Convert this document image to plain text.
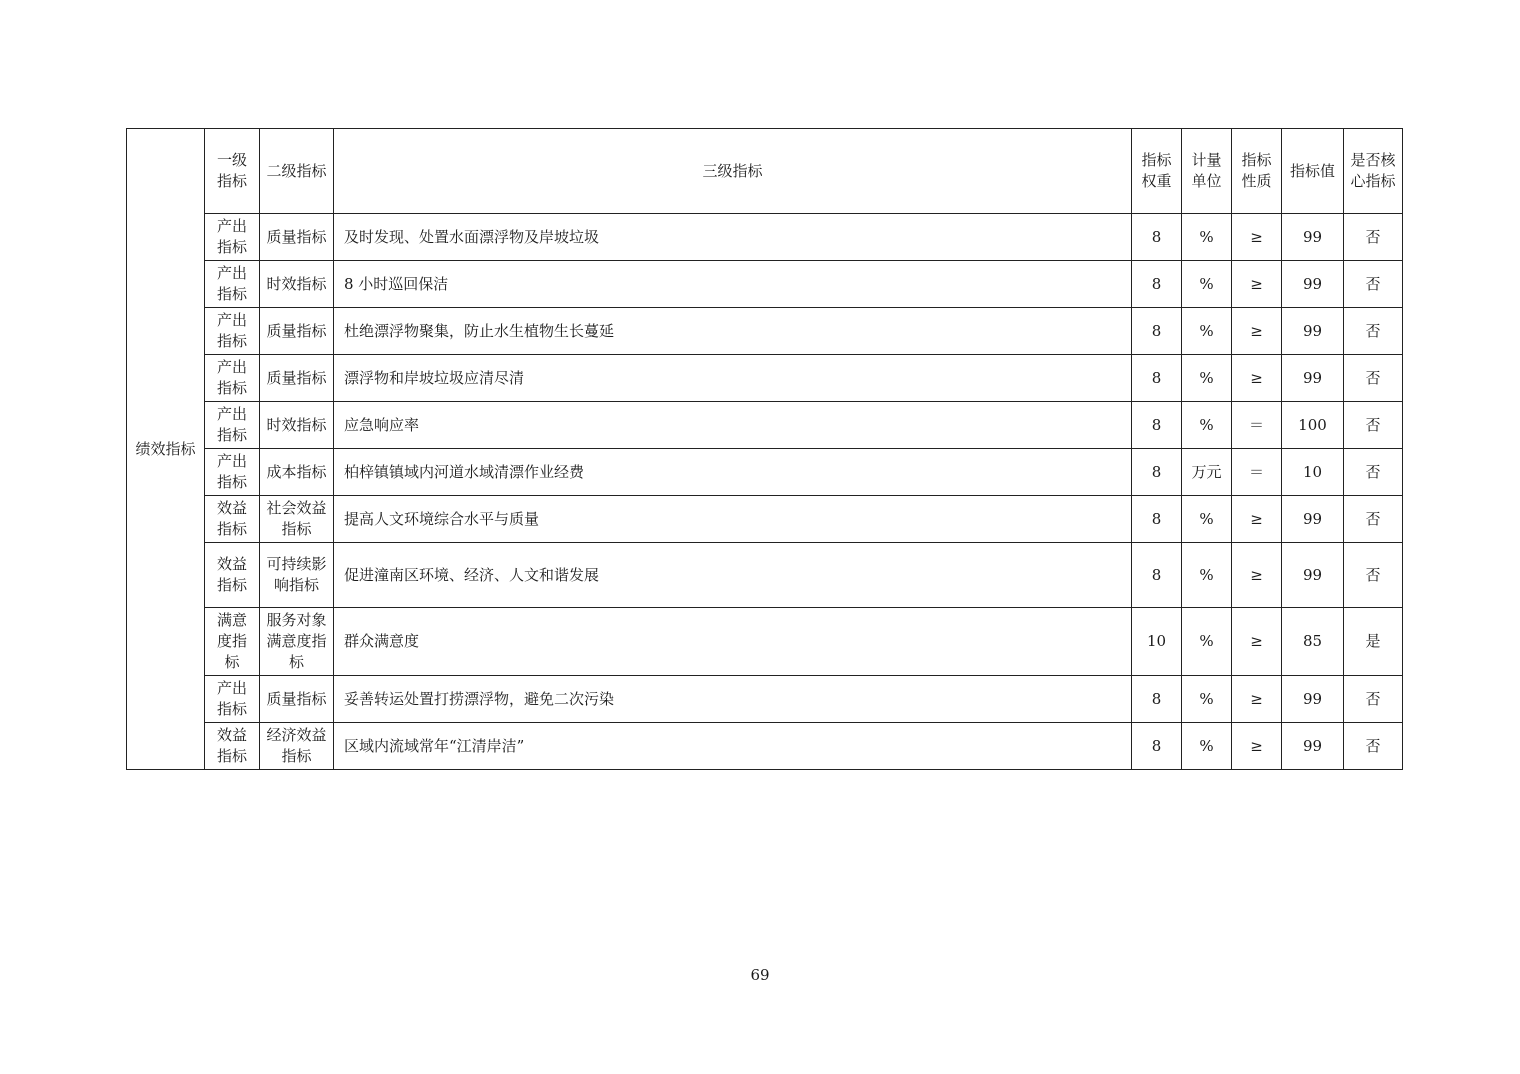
绩效指标	一级指标	二级指标	三级指标	指标权重	计量单位	指标性质	指标值	是否核心指标
	产出指标	质量指标	及时发现、处置水面漂浮物及岸坡垃圾	8	%	≥	99	否
	产出指标	时效指标	8 小时巡回保洁	8	%	≥	99	否
	产出指标	质量指标	杜绝漂浮物聚集，防止水生植物生长蔓延	8	%	≥	99	否
	产出指标	质量指标	漂浮物和岸坡垃圾应清尽清	8	%	≥	99	否
	产出指标	时效指标	应急响应率	8	%	＝	100	否
	产出指标	成本指标	柏梓镇镇域内河道水域清漂作业经费	8	万元	＝	10	否
	效益指标	社会效益指标	提高人文环境综合水平与质量	8	%	≥	99	否
	效益指标	可持续影响指标	促进潼南区环境、经济、人文和谐发展	8	%	≥	99	否
	满意度指标	服务对象满意度指标	群众满意度	10	%	≥	85	是
	产出指标	质量指标	妥善转运处置打捞漂浮物，避免二次污染	8	%	≥	99	否
	效益指标	经济效益指标	区域内流域常年“江清岸洁”	8	%	≥	99	否
69
